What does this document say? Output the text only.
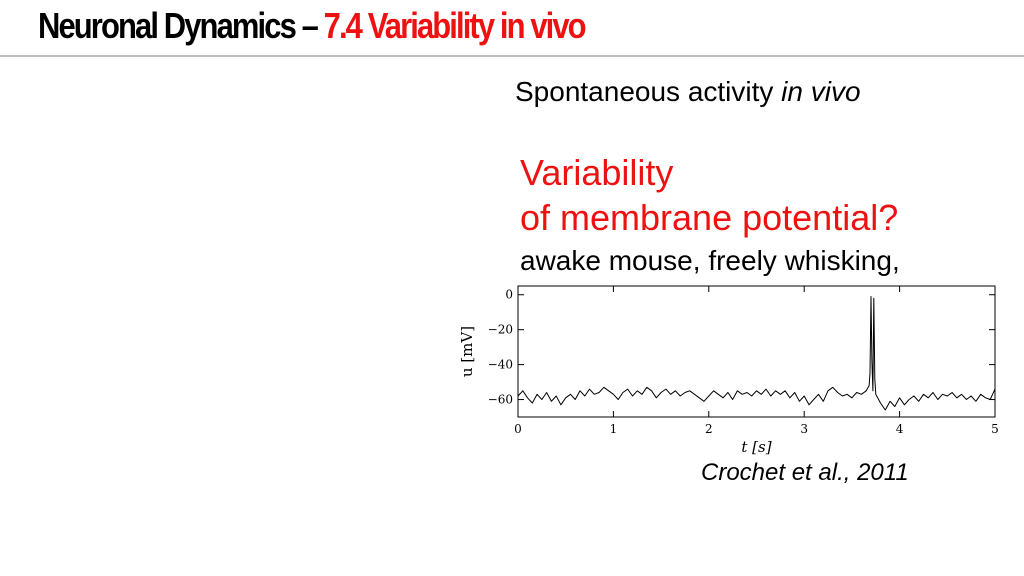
Neuronal Dynamics – 7.4 Variability in vivo

Spontaneous activity in vivo

Variability
of membrane potential?

awake mouse, freely whisking,

0	1	2	3	4	5
0
−20
−40
−60
t [s]
u [mV]

Crochet et al., 2011
